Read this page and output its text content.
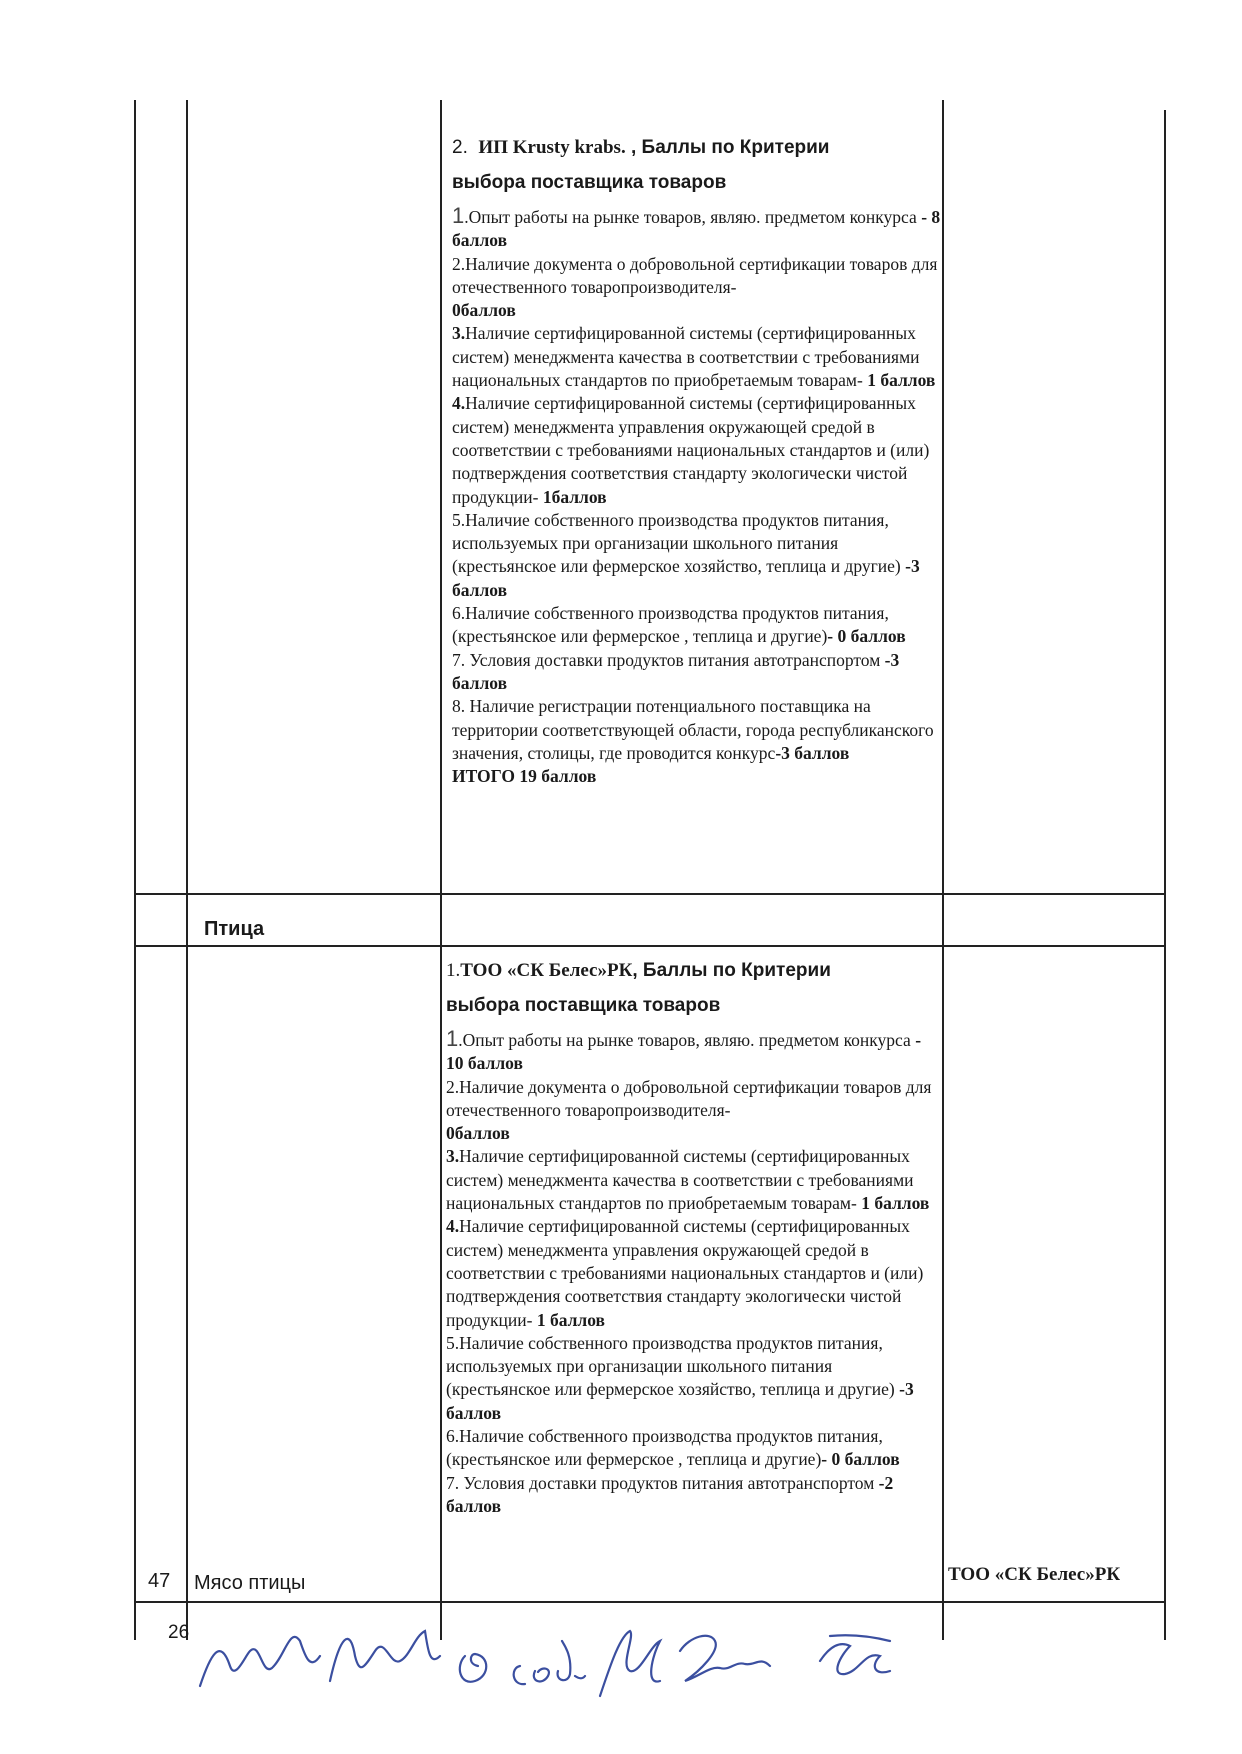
2. ИП Krusty krabs. , Баллы по Критерии
выбора поставщика товаров

1.Опыт работы на рынке товаров, являю. предметом конкурса - 8 баллов

2.Наличие документа о добровольной сертификации товаров для отечественного товаропроизводителя-
0баллов

3.Наличие сертифицированной системы (сертифицированных систем) менеджмента качества в соответствии с требованиями национальных стандартов по приобретаемым товарам- 1 баллов

4.Наличие сертифицированной системы (сертифицированных систем) менеджмента управления окружающей средой в соответствии с требованиями национальных стандартов и (или) подтверждения соответствия стандарту экологически чистой продукции- 1баллов

5.Наличие собственного производства продуктов питания, используемых при организации школьного питания (крестьянское или фермерское хозяйство, теплица и другие) -3 баллов

6.Наличие собственного производства продуктов питания, (крестьянское или фермерское , теплица и другие)- 0 баллов

7. Условия доставки продуктов питания автотранспортом -3 баллов

8. Наличие регистрации потенциального поставщика на территории соответствующей области, города республиканского значения, столицы, где проводится конкурс-3 баллов

ИТОГО 19 баллов

Птица
1.ТОО «СК Белес»РК, Баллы по Критерии
выбора поставщика товаров

1.Опыт работы на рынке товаров, являю. предметом конкурса - 10 баллов

2.Наличие документа о добровольной сертификации товаров для отечественного товаропроизводителя-
0баллов

3.Наличие сертифицированной системы (сертифицированных систем) менеджмента качества в соответствии с требованиями национальных стандартов по приобретаемым товарам- 1 баллов

4.Наличие сертифицированной системы (сертифицированных систем) менеджмента управления окружающей средой в соответствии с требованиями национальных стандартов и (или) подтверждения соответствия стандарту экологически чистой продукции- 1 баллов

5.Наличие собственного производства продуктов питания, используемых при организации школьного питания (крестьянское или фермерское хозяйство, теплица и другие) -3 баллов

6.Наличие собственного производства продуктов питания, (крестьянское или фермерское , теплица и другие)- 0 баллов

7. Условия доставки продуктов питания автотранспортом -2 баллов

47 Мясо птицы	ТОО «СК Белес»РК
26
